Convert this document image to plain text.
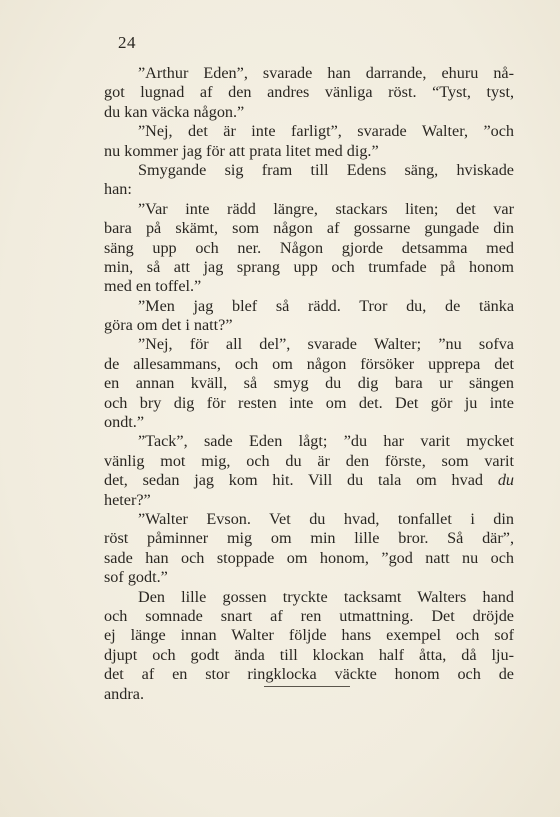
24
”Arthur Eden”, svarade han darrande, ehuru nå-
got lugnad af den andres vänliga röst. “Tyst, tyst,
du kan väcka någon.”
”Nej, det är inte farligt”, svarade Walter, ”och
nu kommer jag för att prata litet med dig.”
Smygande sig fram till Edens säng, hviskade
han:
”Var inte rädd längre, stackars liten; det var
bara på skämt, som någon af gossarne gungade din
säng upp och ner. Någon gjorde detsamma med
min, så att jag sprang upp och trumfade på honom
med en toffel.”
”Men jag blef så rädd. Tror du, de tänka
göra om det i natt?”
”Nej, för all del”, svarade Walter; ”nu sofva
de allesammans, och om någon försöker upprepa det
en annan kväll, så smyg du dig bara ur sängen
och bry dig för resten inte om det. Det gör ju inte
ondt.”
”Tack”, sade Eden lågt; ”du har varit mycket
vänlig mot mig, och du är den förste, som varit
det, sedan jag kom hit. Vill du tala om hvad du
heter?”
”Walter Evson. Vet du hvad, tonfallet i din
röst påminner mig om min lille bror. Så där”,
sade han och stoppade om honom, ”god natt nu och
sof godt.”
Den lille gossen tryckte tacksamt Walters hand
och somnade snart af ren utmattning. Det dröjde
ej länge innan Walter följde hans exempel och sof
djupt och godt ända till klockan half åtta, då lju-
det af en stor ringklocka väckte honom och de
andra.
